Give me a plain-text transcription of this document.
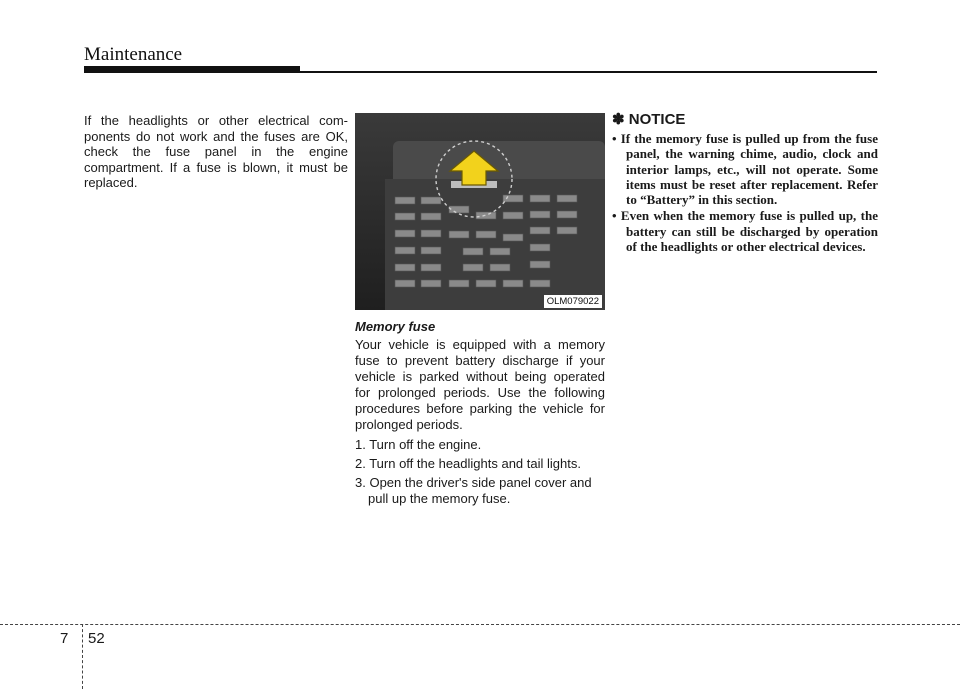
Maintenance
If the headlights or other electrical com-ponents do not work and the fuses are OK, check the fuse panel in the engine compartment. If a fuse is blown, it must be replaced.
OLM079022
Memory fuse

Your vehicle is equipped with a memory fuse to prevent battery discharge if your vehicle is parked without being operated for prolonged periods. Use the following procedures before parking the vehicle for prolonged periods.

1. Turn off the engine.
2. Turn off the headlights and tail lights.
3. Open the driver's side panel cover and pull up the memory fuse.
✽ NOTICE
• If the memory fuse is pulled up from the fuse panel, the warning chime, audio, clock and interior lamps, etc., will not operate. Some items must be reset after replacement. Refer to “Battery” in this section.
• Even when the memory fuse is pulled up, the battery can still be discharged by operation of the headlights or other electrical devices.
7 52
